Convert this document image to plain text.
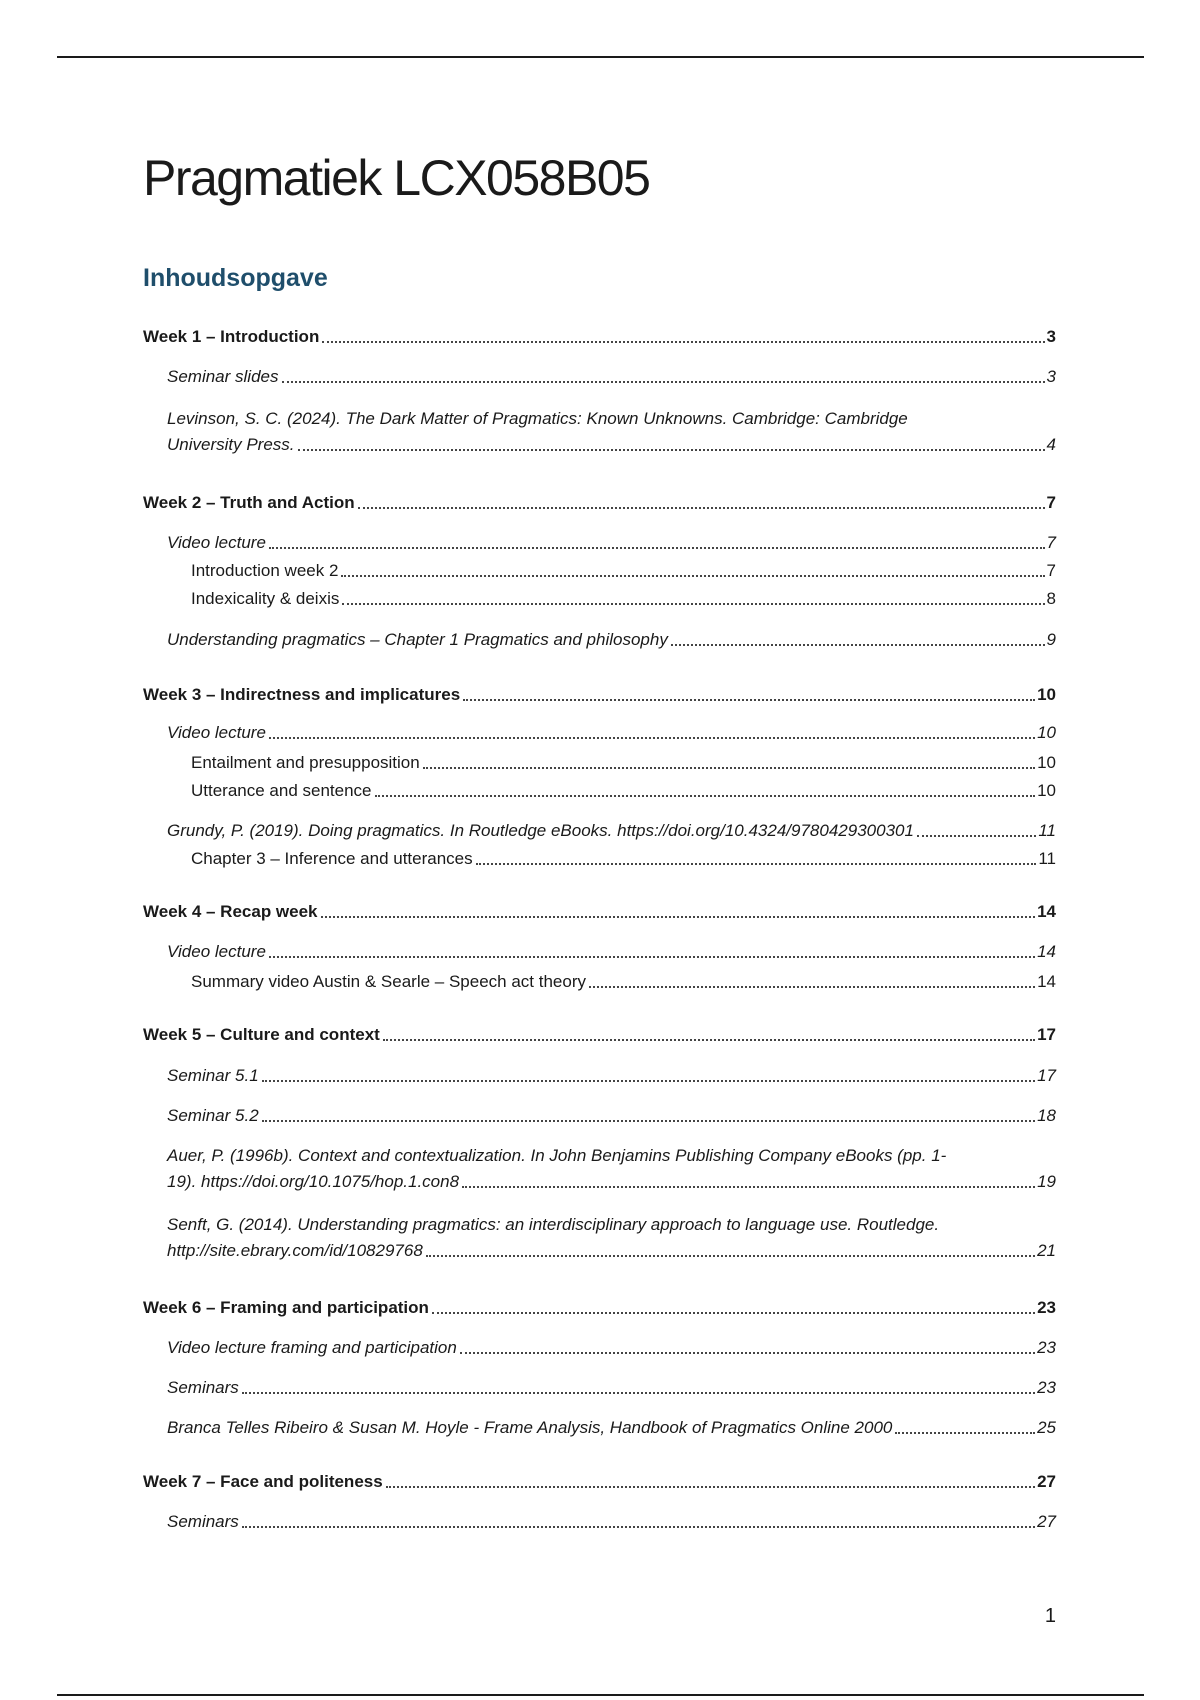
Pragmatiek LCX058B05
Inhoudsopgave
Week 1 – Introduction	3
Seminar slides	3
Levinson, S. C. (2024). The Dark Matter of Pragmatics: Known Unknowns. Cambridge: Cambridge
University Press.	4
Week 2 – Truth and Action	7
Video lecture	7
Introduction week 2	7
Indexicality & deixis	8
Understanding pragmatics – Chapter 1 Pragmatics and philosophy	9
Week 3 – Indirectness and implicatures	10
Video lecture	10
Entailment and presupposition	10
Utterance and sentence	10
Grundy, P. (2019). Doing pragmatics. In Routledge eBooks. https://doi.org/10.4324/9780429300301	11
Chapter 3 – Inference and utterances	11
Week 4 – Recap week	14
Video lecture	14
Summary video Austin & Searle – Speech act theory	14
Week 5 – Culture and context	17
Seminar 5.1	17
Seminar 5.2	18
Auer, P. (1996b). Context and contextualization. In John Benjamins Publishing Company eBooks (pp. 1-
19). https://doi.org/10.1075/hop.1.con8	19
Senft, G. (2014). Understanding pragmatics: an interdisciplinary approach to language use. Routledge.
http://site.ebrary.com/id/10829768	21
Week 6 – Framing and participation	23
Video lecture framing and participation	23
Seminars	23
Branca Telles Ribeiro & Susan M. Hoyle - Frame Analysis, Handbook of Pragmatics Online 2000	25
Week 7 – Face and politeness	27
Seminars	27
1
